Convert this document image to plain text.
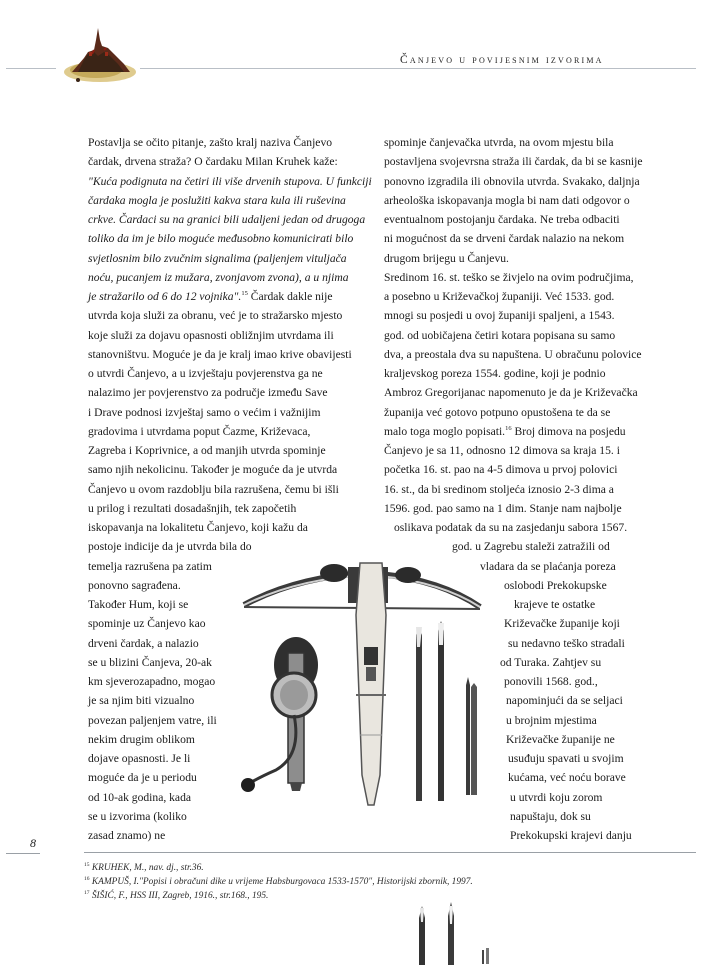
Čanjevo u povijesnim izvorima
Postavlja se očito pitanje, zašto kralj naziva Čanjevo
čardak, drvena straža? O čardaku Milan Kruhek kaže:
"Kuća podignuta na četiri ili više drvenih stupova. U funkciji
čardaka mogla je poslužiti kakva stara kula ili ruševina
crkve. Čardaci su na granici bili udaljeni jedan od drugoga
toliko da im je bilo moguće međusobno komunicirati bilo
svjetlosnim bilo zvučnim signalima (paljenjem vituljača
noću, pucanjem iz mužara, zvonjavom zvona), a u njima
je stražarilo od 6 do 12 vojnika".$^{15}$ Čardak dakle nije
utvrda koja služi za obranu, već je to stražarsko mjesto
koje služi za dojavu opasnosti obližnjim utvrdama ili
stanovništvu. Moguće je da je kralj imao krive obavijesti
o utvrdi Čanjevo, a u izvještaju povjerenstva ga ne
nalazimo jer povjerenstvo za područje između Save
i Drave podnosi izvještaj samo o većim i važnijim
gradovima i utvrdama poput Čazme, Križevaca,
Zagreba i Koprivnice, a od manjih utvrda spominje
samo njih nekolicinu. Također je moguće da je utvrda
Čanjevo u ovom razdoblju bila razrušena, čemu bi išli
u prilog i rezultati dosadašnjih, tek započetih
iskopavanja na lokalitetu Čanjevo, koji kažu da
postoje indicije da je utvrda bila do
temelja razrušena pa zatim
ponovno sagrađena.
Također Hum, koji se
spominje uz Čanjevo kao
drveni čardak, a nalazio
se u blizini Čanjeva, 20-ak
km sjeverozapadno, mogao
je sa njim biti vizualno
povezan paljenjem vatre, ili
nekim drugim oblikom
dojave opasnosti. Je li
moguće da je u periodu
od 10-ak godina, kada
se u izvorima (koliko
zasad znamo) ne
spominje čanjevačka utvrda, na ovom mjestu bila
postavljena svojevrsna straža ili čardak, da bi se kasnije
ponovno izgradila ili obnovila utvrda. Svakako, daljnja
arheološka iskopavanja mogla bi nam dati odgovor o
eventualnom postojanju čardaka. Ne treba odbaciti
ni mogućnost da se drveni čardak nalazio na nekom
drugom brijegu u Čanjevu.
Sredinom 16. st. teško se živjelo na ovim područjima,
a posebno u Križevačkoj županiji. Već 1533. god.
mnogi su posjedi u ovoj županiji spaljeni, a 1543.
god. od uobičajena četiri kotara popisana su samo
dva, a preostala dva su napuštena. U obračunu polovice
kraljevskog poreza 1554. godine, koji je podnio
Ambroz Gregorijanac napomenuto je da je Križevačka
županija već gotovo potpuno opustošena te da se
malo toga moglo popisati.$^{16}$ Broj dimova na posjedu
Čanjevo je sa 11, odnosno 12 dimova sa kraja 15. i
početka 16. st. pao na 4-5 dimova u prvoj polovici
16. st., da bi sredinom stoljeća iznosio 2-3 dima a
1596. god. pao samo na 1 dim. Stanje nam najbolje
oslikava podatak da su na zasjedanju sabora 1567.
god. u Zagrebu staleži zatražili od
vladara da se plaćanja poreza
oslobodi Prekokupske
krajeve te ostatke
Križevačke županije koji
su nedavno teško stradali
od Turaka. Zahtjev su
ponovili 1568. god.,
napominjući da se seljaci
u brojnim mjestima
Križevačke županije ne
usuđuju spavati u svojim
kućama, već noću borave
u utvrdi koju zorom
napuštaju, dok su
Prekokupski krajevi danju
8
$^{15}$ KRUHEK, M., nav. dj., str.36.
$^{16}$ KAMPUŠ, I."Popisi i obračuni dike u vrijeme Habsburgovaca 1533-1570", Historijski zbornik, 1997.
$^{17}$ ŠIŠIĆ, F., HSS III, Zagreb, 1916., str.168., 195.
